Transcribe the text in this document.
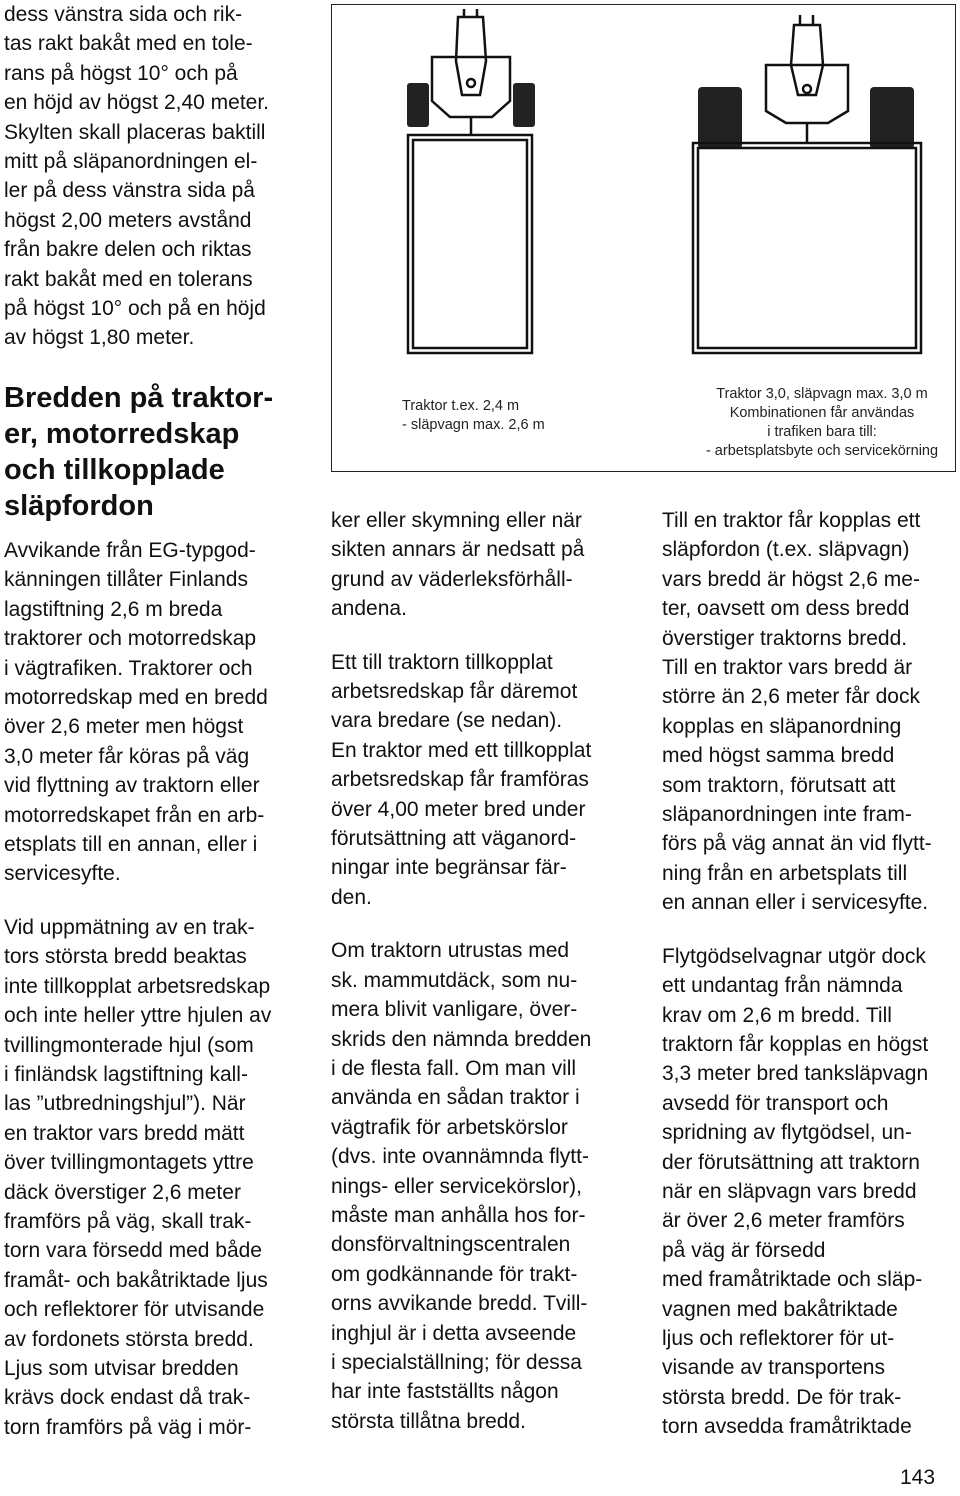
dess vänstra sida och rik-
tas rakt bakåt med en tole-
rans på högst 10° och på
en höjd av högst 2,40 meter.
Skylten skall placeras baktill
mitt på släpanordningen el-
ler på dess vänstra sida på
högst 2,00 meters avstånd
från bakre delen och riktas
rakt bakåt med en tolerans
på högst 10° och på en höjd
av högst 1,80 meter.
Bredden på traktor-
er, motorredskap
och tillkopplade
släpfordon
Avvikande från EG-typgod-
känningen tillåter Finlands
lagstiftning 2,6 m breda
traktorer och motorredskap
i vägtrafiken. Traktorer och
motorredskap med en bredd
över 2,6 meter men högst
3,0 meter får köras på väg
vid flyttning av traktorn eller
motorredskapet från en arb-
etsplats till en annan, eller i
servicesyfte.
Vid uppmätning av en trak-
tors största bredd beaktas
inte tillkopplat arbetsredskap
och inte heller yttre hjulen av
tvillingmonterade hjul (som
i finländsk lagstiftning kall-
las ”utbredningshjul”). När
en traktor vars bredd mätt
över tvillingmontagets yttre
däck överstiger 2,6 meter
framförs på väg, skall trak-
torn vara försedd med både
framåt- och bakåtriktade ljus
och reflektorer för utvisande
av fordonets största bredd.
Ljus som utvisar bredden
krävs dock endast då trak-
torn framförs på väg i mör-
Traktor t.ex. 2,4 m
- släpvagn max. 2,6 m
Traktor 3,0, släpvagn max. 3,0 m
Kombinationen får användas
i trafiken bara till:
- arbetsplatsbyte och servicekörning
ker eller skymning eller när
sikten annars är nedsatt på
grund av väderleksförhåll-
andena.
Ett till traktorn tillkopplat
arbetsredskap får däremot
vara bredare (se nedan).
En traktor med ett tillkopplat
arbetsredskap får framföras
över 4,00 meter bred under
förutsättning att väganord-
ningar inte begränsar fär-
den.
Om traktorn utrustas med
sk. mammutdäck, som nu-
mera blivit vanligare, över-
skrids den nämnda bredden
i de flesta fall. Om man vill
använda en sådan traktor i
vägtrafik för arbetskörslor
(dvs. inte ovannämnda flytt-
nings- eller servicekörslor),
måste man anhålla hos for-
donsförvaltningscentralen
om godkännande för trakt-
orns avvikande bredd. Tvill-
inghjul är i detta avseende
i specialställning; för dessa
har inte fastställts någon
största tillåtna bredd.
Till en traktor får kopplas ett
släpfordon (t.ex. släpvagn)
vars bredd är högst 2,6 me-
ter, oavsett om dess bredd
överstiger traktorns bredd.
Till en traktor vars bredd är
större än 2,6 meter får dock
kopplas en släpanordning
med högst samma bredd
som traktorn, förutsatt att
släpanordningen inte fram-
förs på väg annat än vid flytt-
ning från en arbetsplats till
en annan eller i servicesyfte.
Flytgödselvagnar utgör dock
ett undantag från nämnda
krav om 2,6 m bredd. Till
traktorn får kopplas en högst
3,3 meter bred tanksläpvagn
avsedd för transport och
spridning av flytgödsel, un-
der förutsättning att traktorn
när en släpvagn vars bredd
är över 2,6 meter framförs
på väg är försedd
med framåtriktade och släp-
vagnen med bakåtriktade
ljus och reflektorer för ut-
visande av transportens
största bredd. De för trak-
torn avsedda framåtriktade
143
